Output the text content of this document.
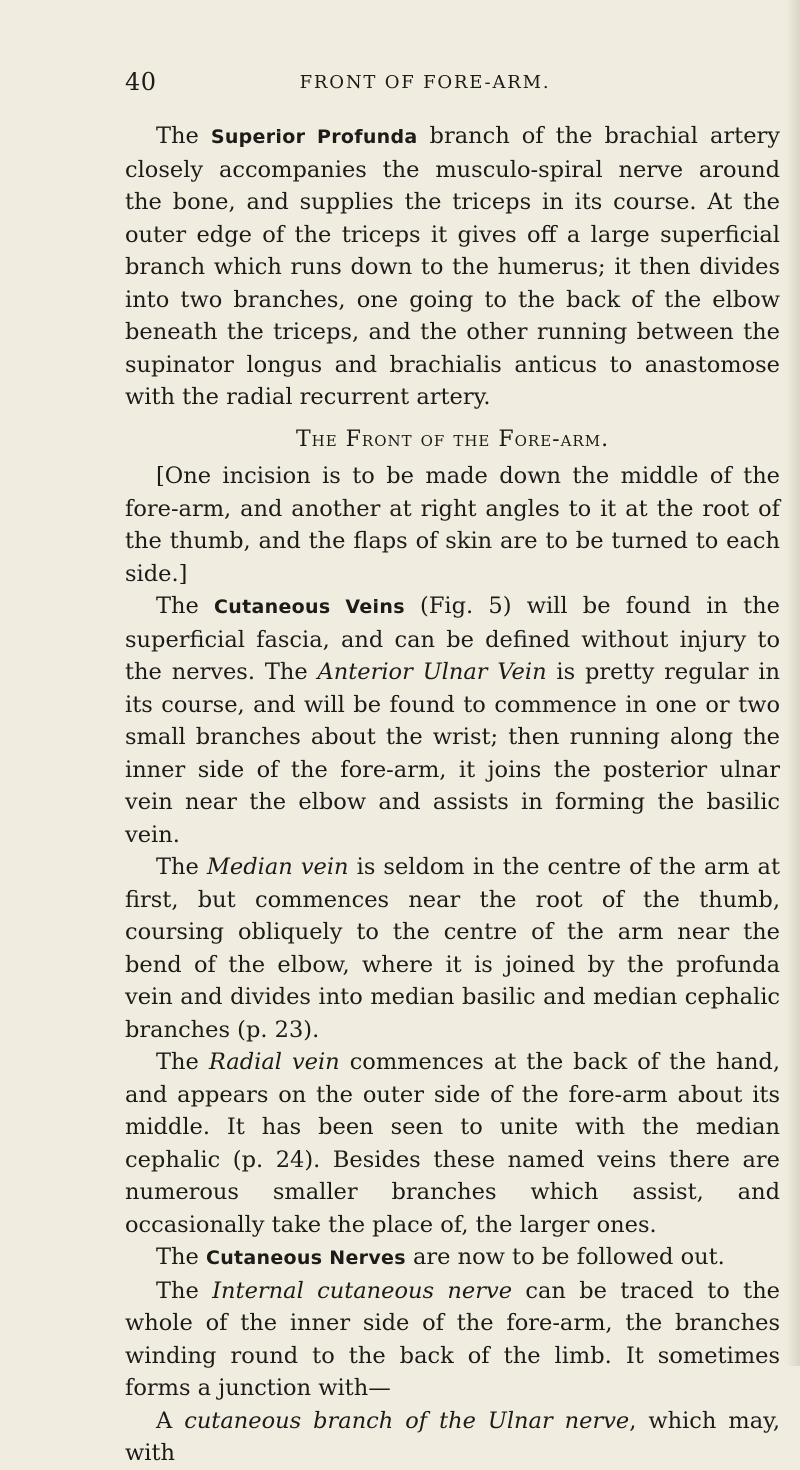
40	FRONT OF FORE-ARM.

The Superior Profunda branch of the brachial artery closely accompanies the musculo-spiral nerve around the bone, and supplies the triceps in its course. At the outer edge of the triceps it gives off a large superficial branch which runs down to the humerus; it then divides into two branches, one going to the back of the elbow beneath the triceps, and the other running between the supinator longus and brachialis anticus to anastomose with the radial recurrent artery.

The Front of the Fore-arm.

[One incision is to be made down the middle of the fore-arm, and another at right angles to it at the root of the thumb, and the flaps of skin are to be turned to each side.]

The Cutaneous Veins (Fig. 5) will be found in the superficial fascia, and can be defined without injury to the nerves. The Anterior Ulnar Vein is pretty regular in its course, and will be found to commence in one or two small branches about the wrist; then running along the inner side of the fore-arm, it joins the posterior ulnar vein near the elbow and assists in forming the basilic vein.

The Median vein is seldom in the centre of the arm at first, but commences near the root of the thumb, coursing obliquely to the centre of the arm near the bend of the elbow, where it is joined by the profunda vein and divides into median basilic and median cephalic branches (p. 23).

The Radial vein commences at the back of the hand, and appears on the outer side of the fore-arm about its middle. It has been seen to unite with the median cephalic (p. 24). Besides these named veins there are numerous smaller branches which assist, and occasionally take the place of, the larger ones.

The Cutaneous Nerves are now to be followed out.

The Internal cutaneous nerve can be traced to the whole of the inner side of the fore-arm, the branches winding round to the back of the limb. It sometimes forms a junction with—

A cutaneous branch of the Ulnar nerve, which may, with
